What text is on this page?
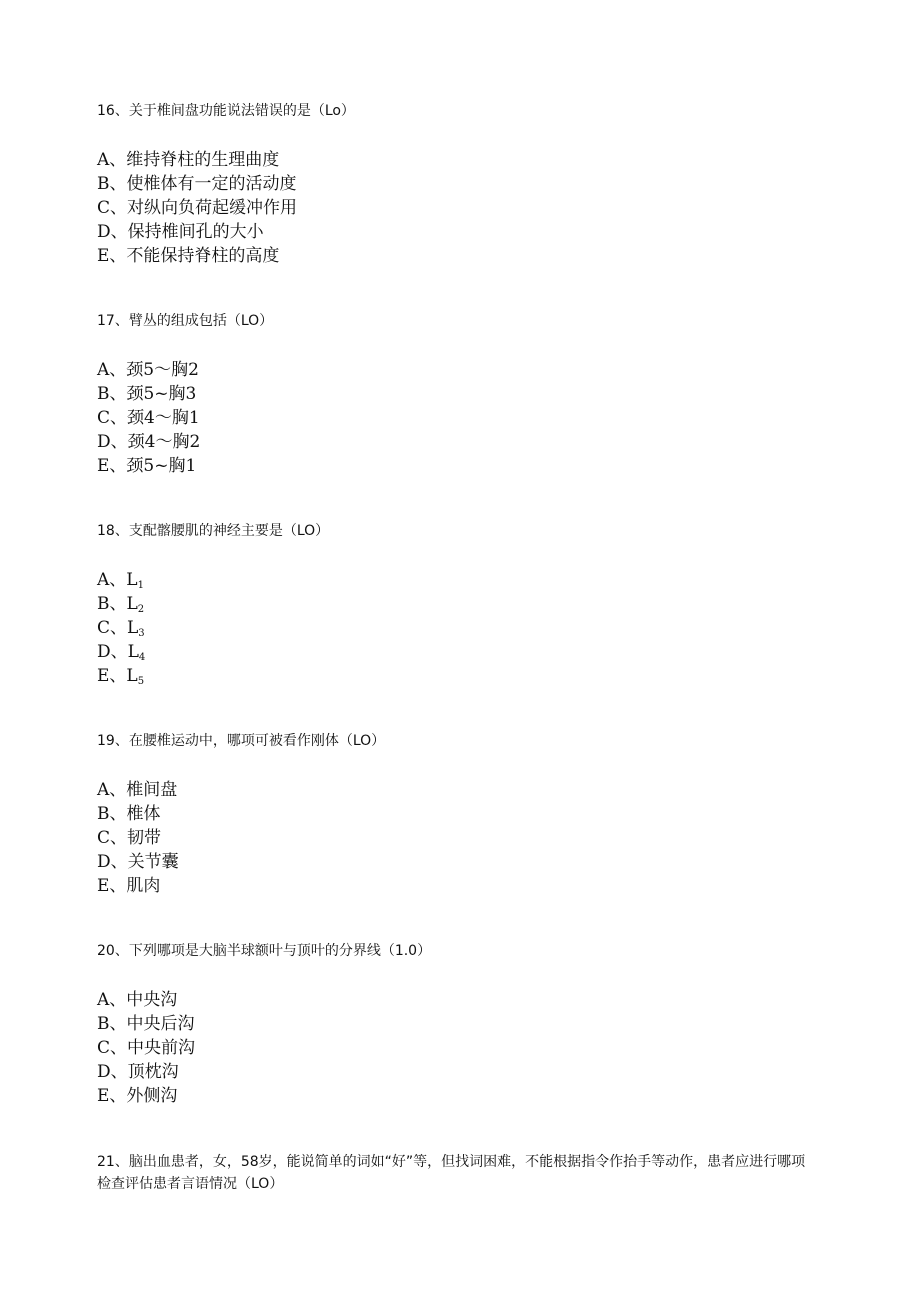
16、关于椎间盘功能说法错误的是（Lo）

A、维持脊柱的生理曲度
B、使椎体有一定的活动度
C、对纵向负荷起缓冲作用
D、保持椎间孔的大小
E、不能保持脊柱的高度

17、臂丛的组成包括（LO）

A、颈5～胸2
B、颈5~胸3
C、颈4～胸1
D、颈4～胸2
E、颈5~胸1

18、支配髂腰肌的神经主要是（LO）

A、L1
B、L2
C、L3
D、L4
E、L5

19、在腰椎运动中，哪项可被看作刚体（LO）

A、椎间盘
B、椎体
C、韧带
D、关节囊
E、肌肉

20、下列哪项是大脑半球额叶与顶叶的分界线（1.0）

A、中央沟
B、中央后沟
C、中央前沟
D、顶枕沟
E、外侧沟

21、脑出血患者，女，58岁，能说简单的词如“好”等，但找词困难，不能根据指令作抬手等动作，患者应进行哪项检查评估患者言语情况（LO）
